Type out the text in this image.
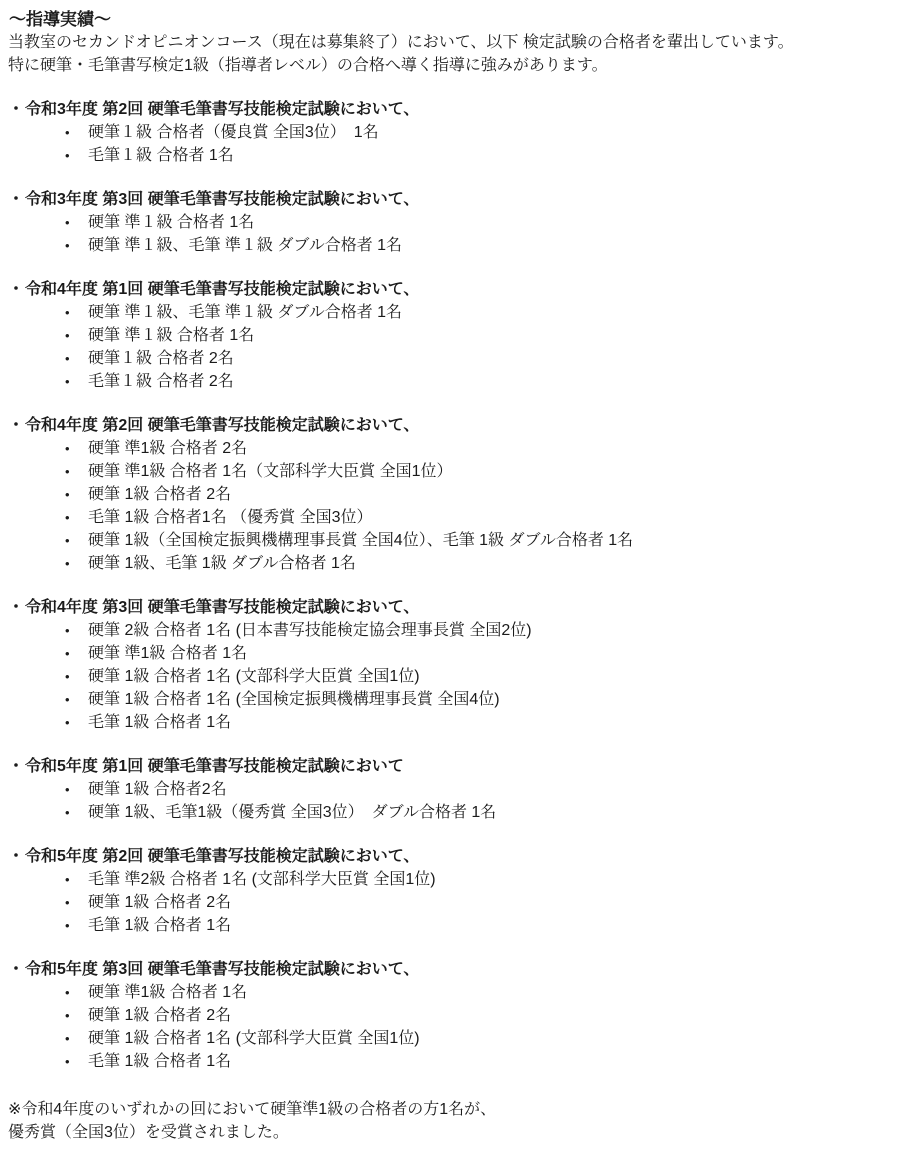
〜指導実績〜

当教室のセカンドオピニオンコース（現在は募集終了）において、以下 検定試験の合格者を輩出しています。

特に硬筆・毛筆書写検定1級（指導者レベル）の合格へ導く指導に強みがあります。

・ 令和3年度 第2回 硬筆毛筆書写技能検定試験において、
•	硬筆１級 合格者（優良賞 全国3位）　1名
•	毛筆１級 合格者 1名
・ 令和3年度 第3回 硬筆毛筆書写技能検定試験において、
•	硬筆 準１級 合格者 1名
•	硬筆 準１級、毛筆 準１級 ダブル合格者 1名
・ 令和4年度 第1回 硬筆毛筆書写技能検定試験において、
•	硬筆 準１級、毛筆 準１級 ダブル合格者 1名
•	硬筆 準１級 合格者 1名
•	硬筆１級 合格者 2名
•	毛筆１級 合格者 2名
・ 令和4年度 第2回 硬筆毛筆書写技能検定試験において、
•	硬筆 準1級 合格者 2名
•	硬筆 準1級 合格者 1名（文部科学大臣賞 全国1位）
•	硬筆 1級 合格者 2名
•	毛筆 1級 合格者1名 （優秀賞 全国3位）
•	硬筆 1級（全国検定振興機構理事長賞 全国4位）、毛筆 1級 ダブル合格者 1名
•	硬筆 1級、毛筆 1級 ダブル合格者 1名
・ 令和4年度 第3回 硬筆毛筆書写技能検定試験において、
•	硬筆 2級 合格者 1名 (日本書写技能検定協会理事長賞 全国2位)
•	硬筆 準1級 合格者 1名
•	硬筆 1級 合格者 1名 (文部科学大臣賞 全国1位)
•	硬筆 1級 合格者 1名 (全国検定振興機構理事長賞 全国4位)
•	毛筆 1級 合格者 1名
・ 令和5年度 第1回 硬筆毛筆書写技能検定試験において
•	硬筆 1級 合格者2名
•	硬筆 1級、毛筆1級（優秀賞 全国3位）　ダブル合格者 1名
・ 令和5年度 第2回 硬筆毛筆書写技能検定試験において、
•	毛筆 準2級 合格者 1名 (文部科学大臣賞 全国1位)
•	硬筆 1級 合格者 2名
•	毛筆 1級 合格者 1名
・ 令和5年度 第3回 硬筆毛筆書写技能検定試験において、
•	硬筆 準1級 合格者 1名
•	硬筆 1級 合格者 2名
•	硬筆 1級 合格者 1名 (文部科学大臣賞 全国1位)
•	毛筆 1級 合格者 1名

※令和4年度のいずれかの回において硬筆準1級の合格者の方1名が、

優秀賞（全国3位）を受賞されました。
